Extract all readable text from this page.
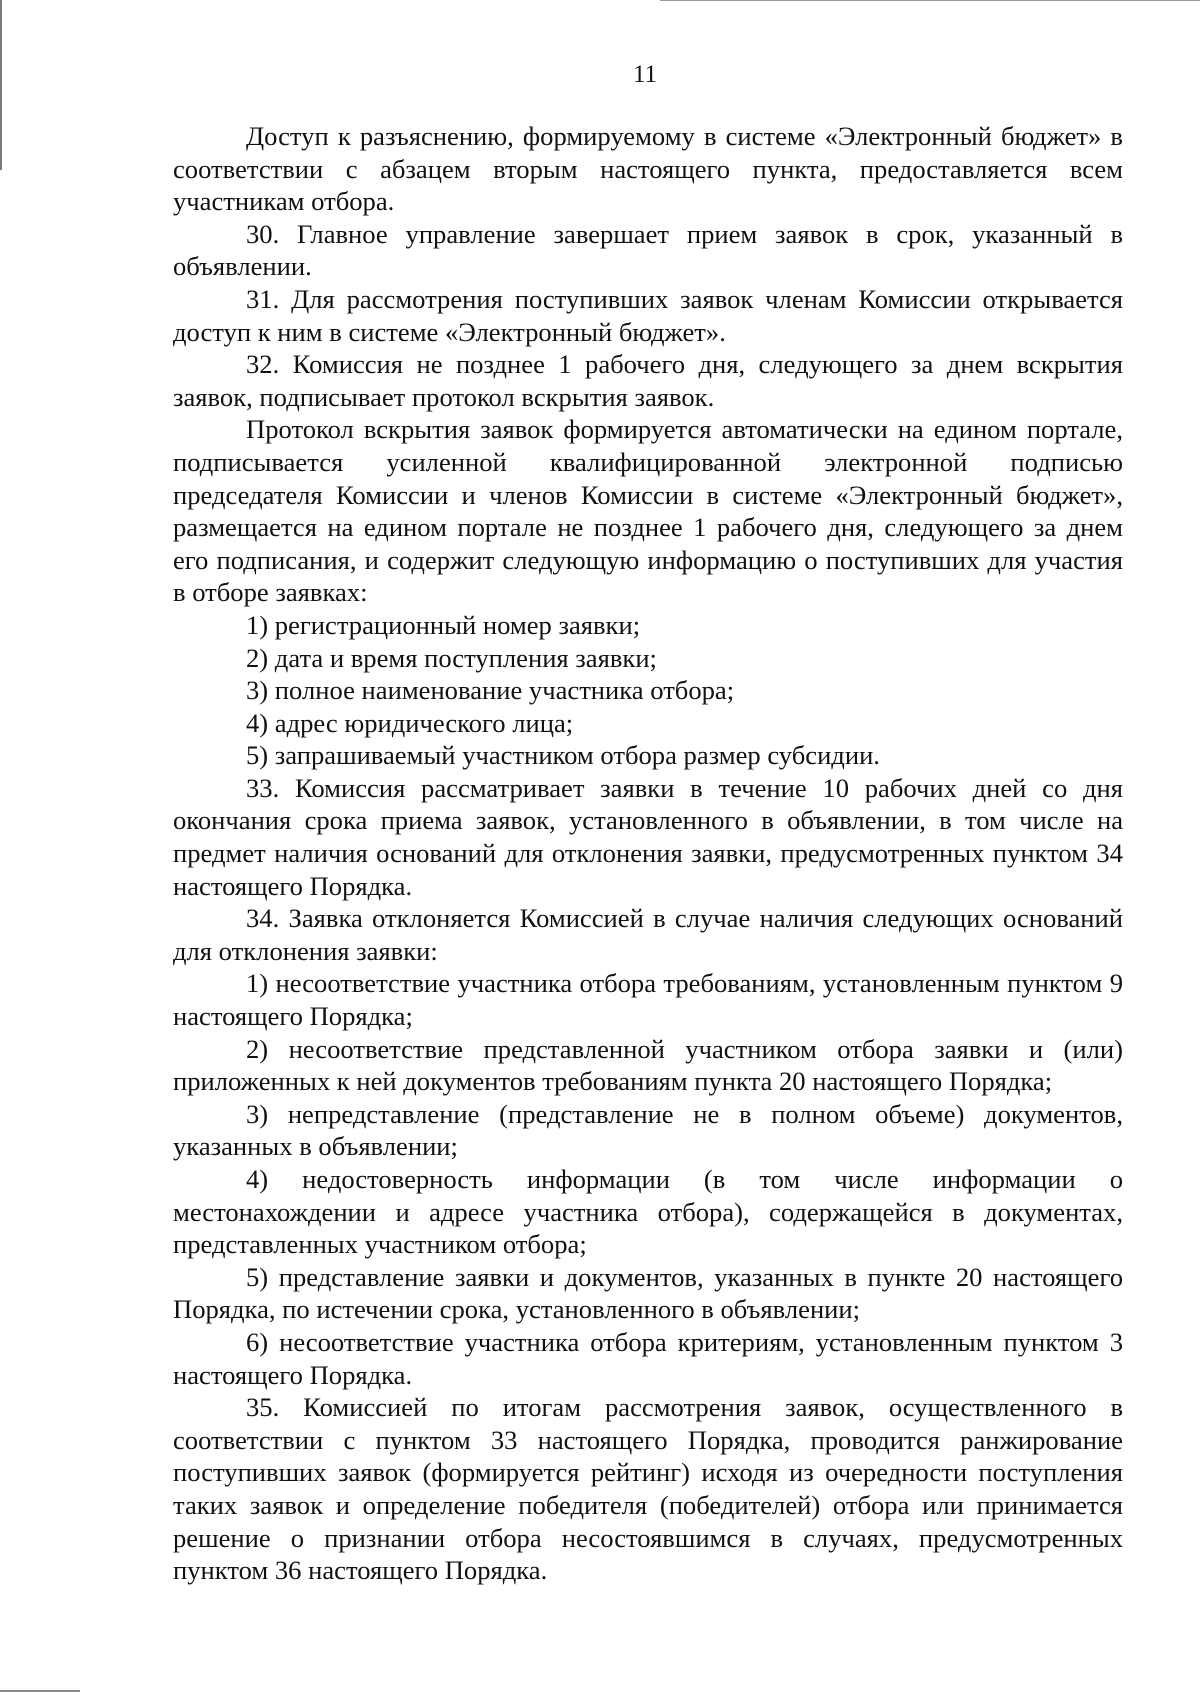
11

Доступ к разъяснению, формируемому в системе «Электронный бюджет» в соответствии с абзацем вторым настоящего пункта, предоставляется всем участникам отбора.

30. Главное управление завершает прием заявок в срок, указанный в объявлении.

31. Для рассмотрения поступивших заявок членам Комиссии открывается доступ к ним в системе «Электронный бюджет».

32. Комиссия не позднее 1 рабочего дня, следующего за днем вскрытия заявок, подписывает протокол вскрытия заявок.

Протокол вскрытия заявок формируется автоматически на едином портале, подписывается усиленной квалифицированной электронной подписью председателя Комиссии и членов Комиссии в системе «Электронный бюджет», размещается на едином портале не позднее 1 рабочего дня, следующего за днем его подписания, и содержит следующую информацию о поступивших для участия в отборе заявках:

1) регистрационный номер заявки;

2) дата и время поступления заявки;

3) полное наименование участника отбора;

4) адрес юридического лица;

5) запрашиваемый участником отбора размер субсидии.

33. Комиссия рассматривает заявки в течение 10 рабочих дней со дня окончания срока приема заявок, установленного в объявлении, в том числе на предмет наличия оснований для отклонения заявки, предусмотренных пунктом 34 настоящего Порядка.

34. Заявка отклоняется Комиссией в случае наличия следующих оснований для отклонения заявки:

1) несоответствие участника отбора требованиям, установленным пунктом 9 настоящего Порядка;

2) несоответствие представленной участником отбора заявки и (или) приложенных к ней документов требованиям пункта 20 настоящего Порядка;

3) непредставление (представление не в полном объеме) документов, указанных в объявлении;

4) недостоверность информации (в том числе информации о местонахождении и адресе участника отбора), содержащейся в документах, представленных участником отбора;

5) представление заявки и документов, указанных в пункте 20 настоящего Порядка, по истечении срока, установленного в объявлении;

6) несоответствие участника отбора критериям, установленным пунктом 3 настоящего Порядка.

35. Комиссией по итогам рассмотрения заявок, осуществленного в соответствии с пунктом 33 настоящего Порядка, проводится ранжирование поступивших заявок (формируется рейтинг) исходя из очередности поступления таких заявок и определение победителя (победителей) отбора или принимается решение о признании отбора несостоявшимся в случаях, предусмотренных пунктом 36 настоящего Порядка.
